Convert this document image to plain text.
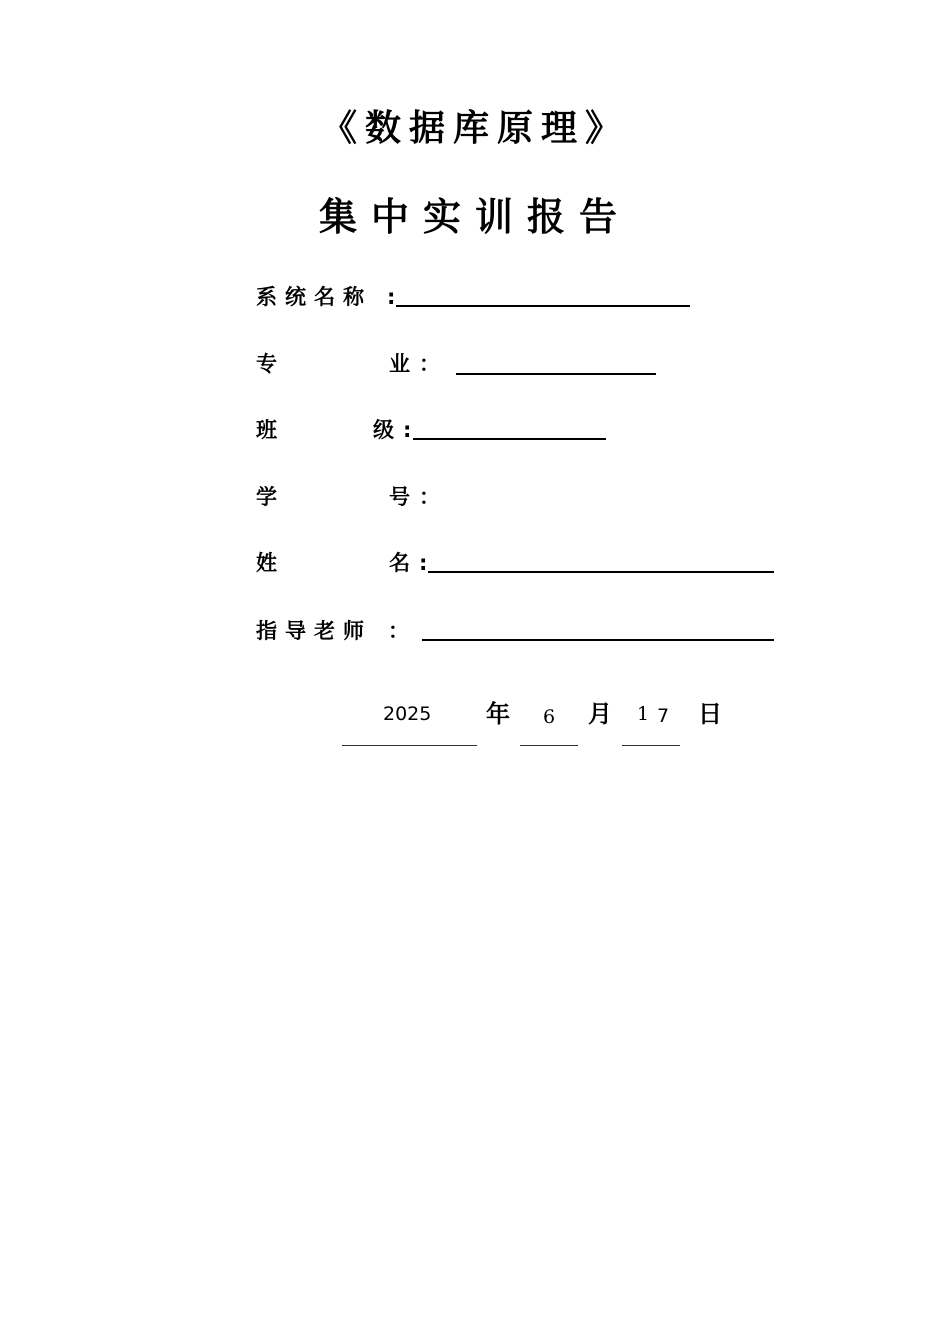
《数据库原理》
集中实训报告
系统名称 :
专	业 ：
班	级 :
学	号 ：
姓	名 :
指导老师 ：
2025 年 6 月 1 7 日
